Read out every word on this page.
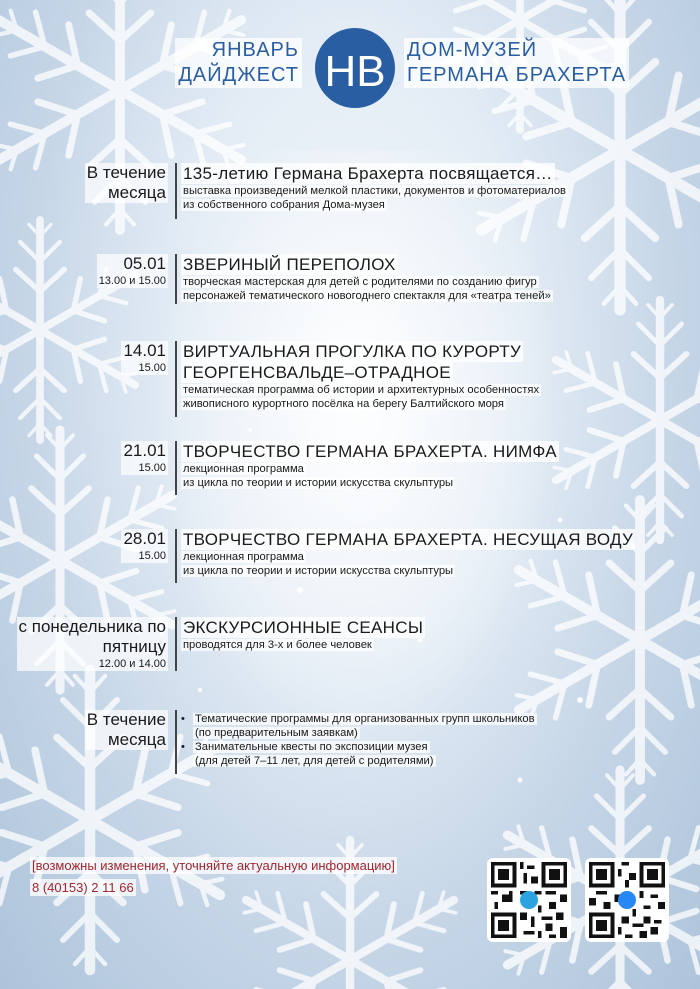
ЯНВАРЬ
ДАЙДЖЕСТ НВ ДОМ-МУЗЕЙ
ГЕРМАНА БРАХЕРТА
В течение
месяца
135-летию Германа Брахерта посвящается…
выставка произведений мелкой пластики, документов и фотоматериалов
из собственного собрания Дома-музея
05.01
13.00 и 15.00
ЗВЕРИНЫЙ ПЕРЕПОЛОХ
творческая мастерская для детей с родителями по созданию фигур
персонажей тематического новогоднего спектакля для «театра теней»
14.01
15.00
ВИРТУАЛЬНАЯ ПРОГУЛКА ПО КУРОРТУ
ГЕОРГЕНСВАЛЬДЕ–ОТРАДНОЕ
тематическая программа об истории и архитектурных особенностях
живописного курортного посёлка на берегу Балтийского моря
21.01
15.00
ТВОРЧЕСТВО ГЕРМАНА БРАХЕРТА. НИМФА
лекционная программа
из цикла по теории и истории искусства скульптуры
28.01
15.00
ТВОРЧЕСТВО ГЕРМАНА БРАХЕРТА. НЕСУЩАЯ ВОДУ
лекционная программа
из цикла по теории и истории искусства скульптуры
с понедельника по
пятницу
12.00 и 14.00
ЭКСКУРСИОННЫЕ СЕАНСЫ
проводятся для 3-х и более человек
В течение
месяца
• Тематические программы для организованных групп школьников
(по предварительным заявкам)
• Занимательные квесты по экспозиции музея
(для детей 7–11 лет, для детей с родителями)
[возможны изменения, уточняйте актуальную информацию]
8 (40153) 2 11 66
